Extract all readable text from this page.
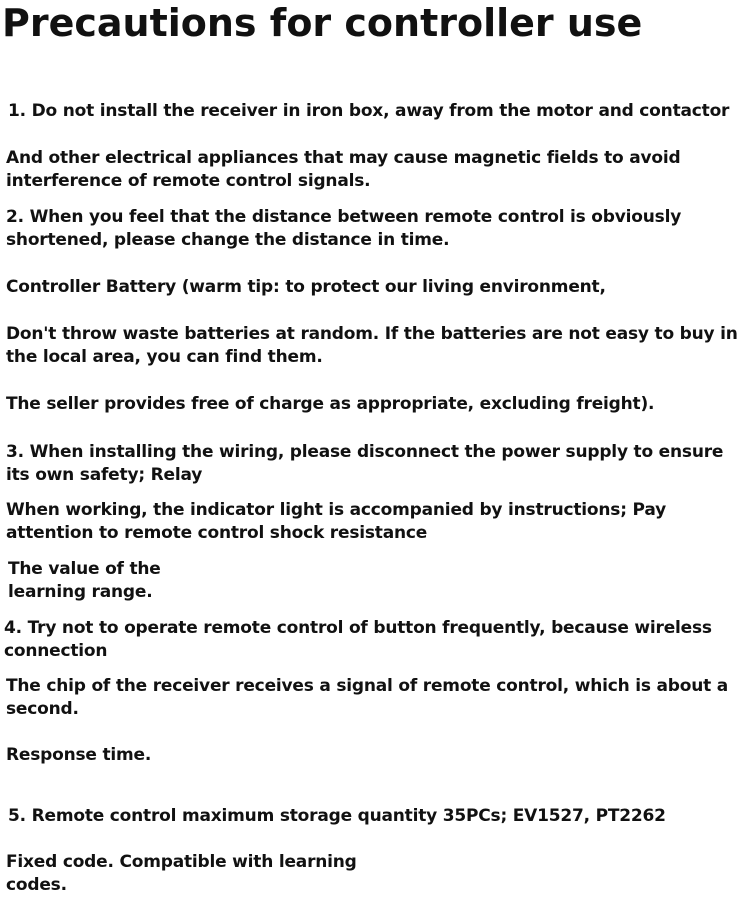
Precautions for controller use

1. Do not install the receiver in iron box, away from the motor and contactor

And other electrical appliances that may cause magnetic fields to avoid
interference of remote control signals.

2. When you feel that the distance between remote control is obviously
shortened, please change the distance in time.

Controller Battery (warm tip: to protect our living environment,

Don't throw waste batteries at random. If the batteries are not easy to buy in
the local area, you can find them.

The seller provides free of charge as appropriate, excluding freight).

3. When installing the wiring, please disconnect the power supply to ensure
its own safety; Relay

When working, the indicator light is accompanied by instructions; Pay
attention to remote control shock resistance

The value of the
learning range.

4. Try not to operate remote control of button frequently, because wireless
connection

The chip of the receiver receives a signal of remote control, which is about a
second.

Response time.

5. Remote control maximum storage quantity 35PCs; EV1527, PT2262

Fixed code. Compatible with learning
codes.
